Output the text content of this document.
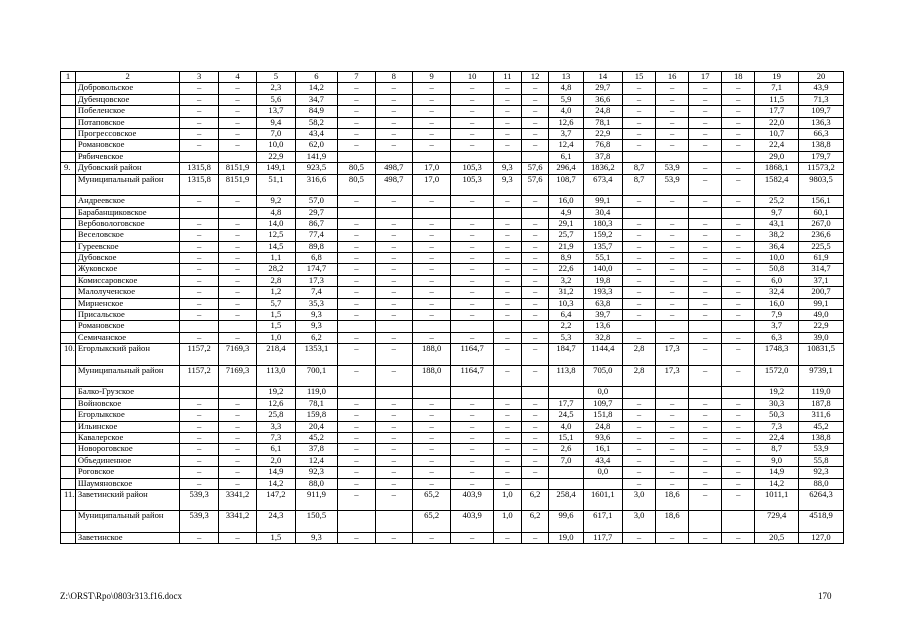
1	2	3	4	5	6	7	8	9	10	11	12	13	14	15	16	17	18	19	20
	Добровольское	–	–	2,3	14,2	–	–	–	–	–	–	4,8	29,7	–	–	–	–	7,1	43,9
	Дубенцовское	–	–	5,6	34,7	–	–	–	–	–	–	5,9	36,6	–	–	–	–	11,5	71,3
	Побеленское	–	–	13,7	84,9	–	–	–	–	–	–	4,0	24,8	–	–	–	–	17,7	109,7
	Потаповское	–	–	9,4	58,2	–	–	–	–	–	–	12,6	78,1	–	–	–	–	22,0	136,3
	Прогрессовское	–	–	7,0	43,4	–	–	–	–	–	–	3,7	22,9	–	–	–	–	10,7	66,3
	Романовское	–	–	10,0	62,0	–	–	–	–	–	–	12,4	76,8	–	–	–	–	22,4	138,8
	Рябичевское			22,9	141,9							6,1	37,8					29,0	179,7
9.	Дубовский район	1315,8	8151,9	149,1	923,5	80,5	498,7	17,0	105,3	9,3	57,6	296,4	1836,2	8,7	53,9	–	–	1868,1	11573,2
	Муниципальный район	1315,8	8151,9	51,1	316,6	80,5	498,7	17,0	105,3	9,3	57,6	108,7	673,4	8,7	53,9	–	–	1582,4	9803,5
	Андреевское	–	–	9,2	57,0	–	–	–	–	–	–	16,0	99,1	–	–	–	–	25,2	156,1
	Барабанщиковское			4,8	29,7							4,9	30,4					9,7	60,1
	Вербовологовское	–	–	14,0	86,7	–	–	–	–	–	–	29,1	180,3	–	–	–	–	43,1	267,0
	Веселовское	–	–	12,5	77,4	–	–	–	–	–	–	25,7	159,2	–	–	–	–	38,2	236,6
	Гуреевское	–	–	14,5	89,8	–	–	–	–	–	–	21,9	135,7	–	–	–	–	36,4	225,5
	Дубовское	–	–	1,1	6,8	–	–	–	–	–	–	8,9	55,1	–	–	–	–	10,0	61,9
	Жуковское	–	–	28,2	174,7	–	–	–	–	–	–	22,6	140,0	–	–	–	–	50,8	314,7
	Комиссаровское	–	–	2,8	17,3	–	–	–	–	–	–	3,2	19,8	–	–	–	–	6,0	37,1
	Малолученское	–	–	1,2	7,4	–	–	–	–	–	–	31,2	193,3	–	–	–	–	32,4	200,7
	Мирненское	–	–	5,7	35,3	–	–	–	–	–	–	10,3	63,8	–	–	–	–	16,0	99,1
	Присальское	–	–	1,5	9,3	–	–	–	–	–	–	6,4	39,7	–	–	–	–	7,9	49,0
	Романовское			1,5	9,3							2,2	13,6					3,7	22,9
	Семичанское	–	–	1,0	6,2	–	–	–	–	–	–	5,3	32,8	–	–	–	–	6,3	39,0
10.	Егорлыкский район	1157,2	7169,3	218,4	1353,1	–	–	188,0	1164,7	–	–	184,7	1144,4	2,8	17,3	–	–	1748,3	10831,5
	Муниципальный район	1157,2	7169,3	113,0	700,1	–	–	188,0	1164,7	–	–	113,8	705,0	2,8	17,3	–	–	1572,0	9739,1
	Балко-Грузское			19,2	119,0								0,0					19,2	119,0
	Войновское	–	–	12,6	78,1	–	–	–	–	–	–	17,7	109,7	–	–	–	–	30,3	187,8
	Егорлыкское	–	–	25,8	159,8	–	–	–	–	–	–	24,5	151,8	–	–	–	–	50,3	311,6
	Ильинское	–	–	3,3	20,4	–	–	–	–	–	–	4,0	24,8	–	–	–	–	7,3	45,2
	Кавалерское	–	–	7,3	45,2	–	–	–	–	–	–	15,1	93,6	–	–	–	–	22,4	138,8
	Новороговское	–	–	6,1	37,8	–	–	–	–	–	–	2,6	16,1	–	–	–	–	8,7	53,9
	Объединенное	–	–	2,0	12,4	–	–	–	–	–	–	7,0	43,4	–	–	–	–	9,0	55,8
	Роговское	–	–	14,9	92,3	–	–	–	–	–	–		0,0	–	–	–	–	14,9	92,3
	Шаумяновское	–	–	14,2	88,0	–	–	–	–	–				–	–	–	–	14,2	88,0
11.	Заветинский район	539,3	3341,2	147,2	911,9	–	–	65,2	403,9	1,0	6,2	258,4	1601,1	3,0	18,6	–	–	1011,1	6264,3
	Муниципальный район	539,3	3341,2	24,3	150,5			65,2	403,9	1,0	6,2	99,6	617,1	3,0	18,6			729,4	4518,9
	Заветинское	–	–	1,5	9,3	–	–	–	–	–	–	19,0	117,7	–	–	–	–	20,5	127,0
Z:\ORST\Rpo\0803r313.f16.docx	170
